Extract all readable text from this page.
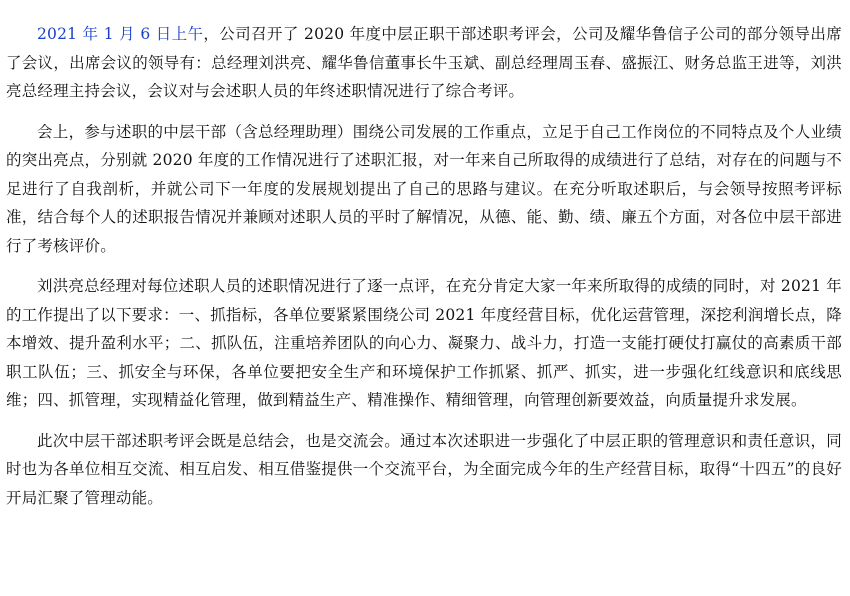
2021 年 1 月 6 日上午，公司召开了 2020 年度中层正职干部述职考评会，公司及耀华鲁信子公司的部分领导出席了会议，出席会议的领导有：总经理刘洪亮、耀华鲁信董事长牛玉斌、副总经理周玉春、盛振江、财务总监王进等，刘洪亮总经理主持会议，会议对与会述职人员的年终述职情况进行了综合考评。

会上，参与述职的中层干部（含总经理助理）围绕公司发展的工作重点，立足于自己工作岗位的不同特点及个人业绩的突出亮点，分别就 2020 年度的工作情况进行了述职汇报，对一年来自己所取得的成绩进行了总结，对存在的问题与不足进行了自我剖析，并就公司下一年度的发展规划提出了自己的思路与建议。在充分听取述职后，与会领导按照考评标准，结合每个人的述职报告情况并兼顾对述职人员的平时了解情况，从德、能、勤、绩、廉五个方面，对各位中层干部进行了考核评价。

刘洪亮总经理对每位述职人员的述职情况进行了逐一点评，在充分肯定大家一年来所取得的成绩的同时，对 2021 年的工作提出了以下要求：一、抓指标，各单位要紧紧围绕公司 2021 年度经营目标，优化运营管理，深挖利润增长点，降本增效、提升盈利水平；二、抓队伍，注重培养团队的向心力、凝聚力、战斗力，打造一支能打硬仗打赢仗的高素质干部职工队伍；三、抓安全与环保，各单位要把安全生产和环境保护工作抓紧、抓严、抓实，进一步强化红线意识和底线思维；四、抓管理，实现精益化管理，做到精益生产、精准操作、精细管理，向管理创新要效益，向质量提升求发展。

此次中层干部述职考评会既是总结会，也是交流会。通过本次述职进一步强化了中层正职的管理意识和责任意识，同时也为各单位相互交流、相互启发、相互借鉴提供一个交流平台，为全面完成今年的生产经营目标，取得“十四五”的良好开局汇聚了管理动能。
